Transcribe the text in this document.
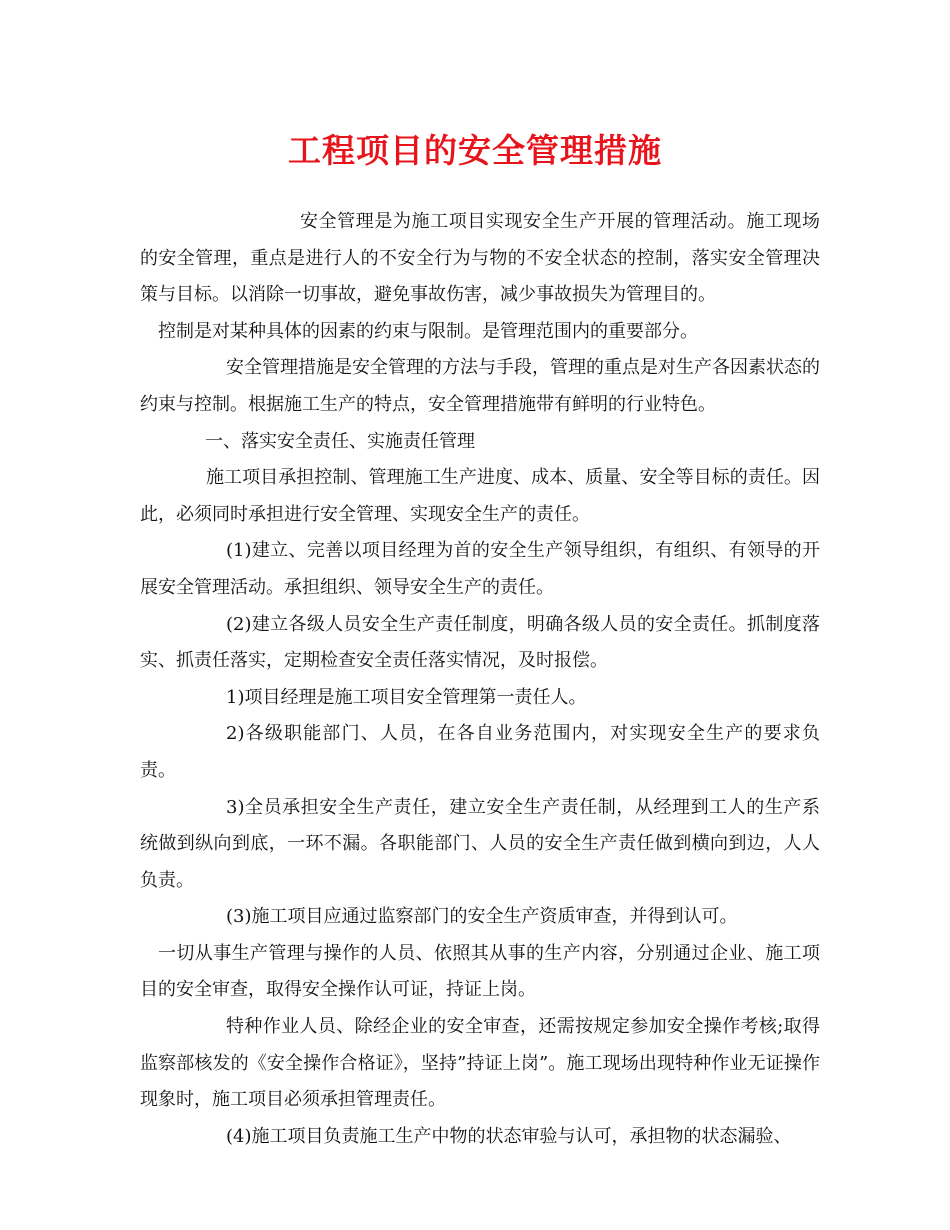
工程项目的安全管理措施

安全管理是为施工项目实现安全生产开展的管理活动。施工现场的安全管理，重点是进行人的不安全行为与物的不安全状态的控制，落实安全管理决策与目标。以消除一切事故，避免事故伤害，减少事故损失为管理目的。

控制是对某种具体的因素的约束与限制。是管理范围内的重要部分。

安全管理措施是安全管理的方法与手段，管理的重点是对生产各因素状态的约束与控制。根据施工生产的特点，安全管理措施带有鲜明的行业特色。

一、落实安全责任、实施责任管理

施工项目承担控制、管理施工生产进度、成本、质量、安全等目标的责任。因此，必须同时承担进行安全管理、实现安全生产的责任。

(1)建立、完善以项目经理为首的安全生产领导组织，有组织、有领导的开展安全管理活动。承担组织、领导安全生产的责任。

(2)建立各级人员安全生产责任制度，明确各级人员的安全责任。抓制度落实、抓责任落实，定期检查安全责任落实情况，及时报偿。

1)项目经理是施工项目安全管理第一责任人。

2)各级职能部门、人员，在各自业务范围内，对实现安全生产的要求负责。

3)全员承担安全生产责任，建立安全生产责任制，从经理到工人的生产系统做到纵向到底，一环不漏。各职能部门、人员的安全生产责任做到横向到边，人人负责。

(3)施工项目应通过监察部门的安全生产资质审查，并得到认可。

一切从事生产管理与操作的人员、依照其从事的生产内容，分别通过企业、施工项目的安全审查，取得安全操作认可证，持证上岗。

特种作业人员、除经企业的安全审查，还需按规定参加安全操作考核;取得监察部核发的《安全操作合格证》，坚持”持证上岗”。施工现场出现特种作业无证操作现象时，施工项目必须承担管理责任。

(4)施工项目负责施工生产中物的状态审验与认可，承担物的状态漏验、
